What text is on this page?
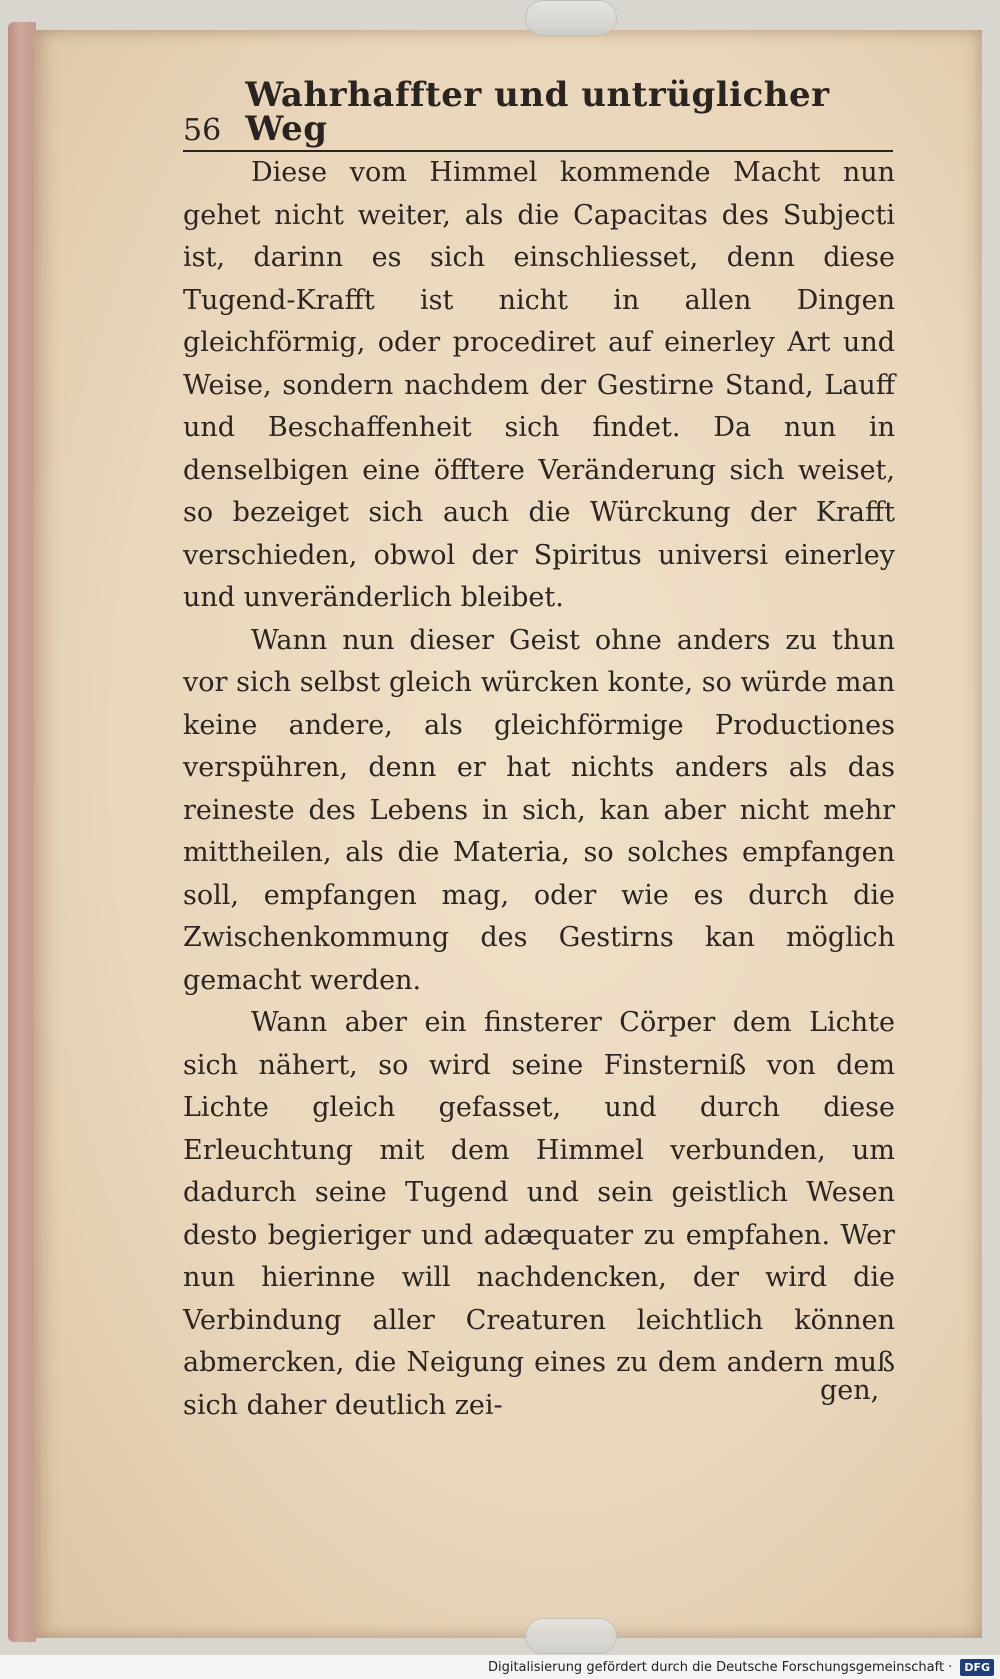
56
Wahrhaffter und untrüglicher Weg

Diese vom Himmel kommende Macht nun gehet nicht weiter, als die Capacitas des Subjecti ist, darinn es sich einschliesset, denn diese Tugend-Krafft ist nicht in allen Dingen gleichförmig, oder procediret auf einerley Art und Weise, sondern nachdem der Gestirne Stand, Lauff und Beschaffenheit sich findet. Da nun in denselbigen eine öfftere Veränderung sich weiset, so bezeiget sich auch die Würckung der Krafft verschieden, obwol der Spiritus universi einerley und unveränderlich bleibet.

Wann nun dieser Geist ohne anders zu thun vor sich selbst gleich würcken konte, so würde man keine andere, als gleichförmige Productiones verspühren, denn er hat nichts anders als das reineste des Lebens in sich, kan aber nicht mehr mittheilen, als die Materia, so solches empfangen soll, empfangen mag, oder wie es durch die Zwischenkommung des Gestirns kan möglich gemacht werden.

Wann aber ein finsterer Cörper dem Lichte sich nähert, so wird seine Finsterniß von dem Lichte gleich gefasset, und durch diese Erleuchtung mit dem Himmel verbunden, um dadurch seine Tugend und sein geistlich Wesen desto begieriger und adæquater zu empfahen. Wer nun hierinne will nachdencken, der wird die Verbindung aller Creaturen leichtlich können abmercken, die Neigung eines zu dem andern muß sich daher deutlich zei-	gen,
Digitalisierung gefördert durch die Deutsche Forschungsgemeinschaft ·	DFG
